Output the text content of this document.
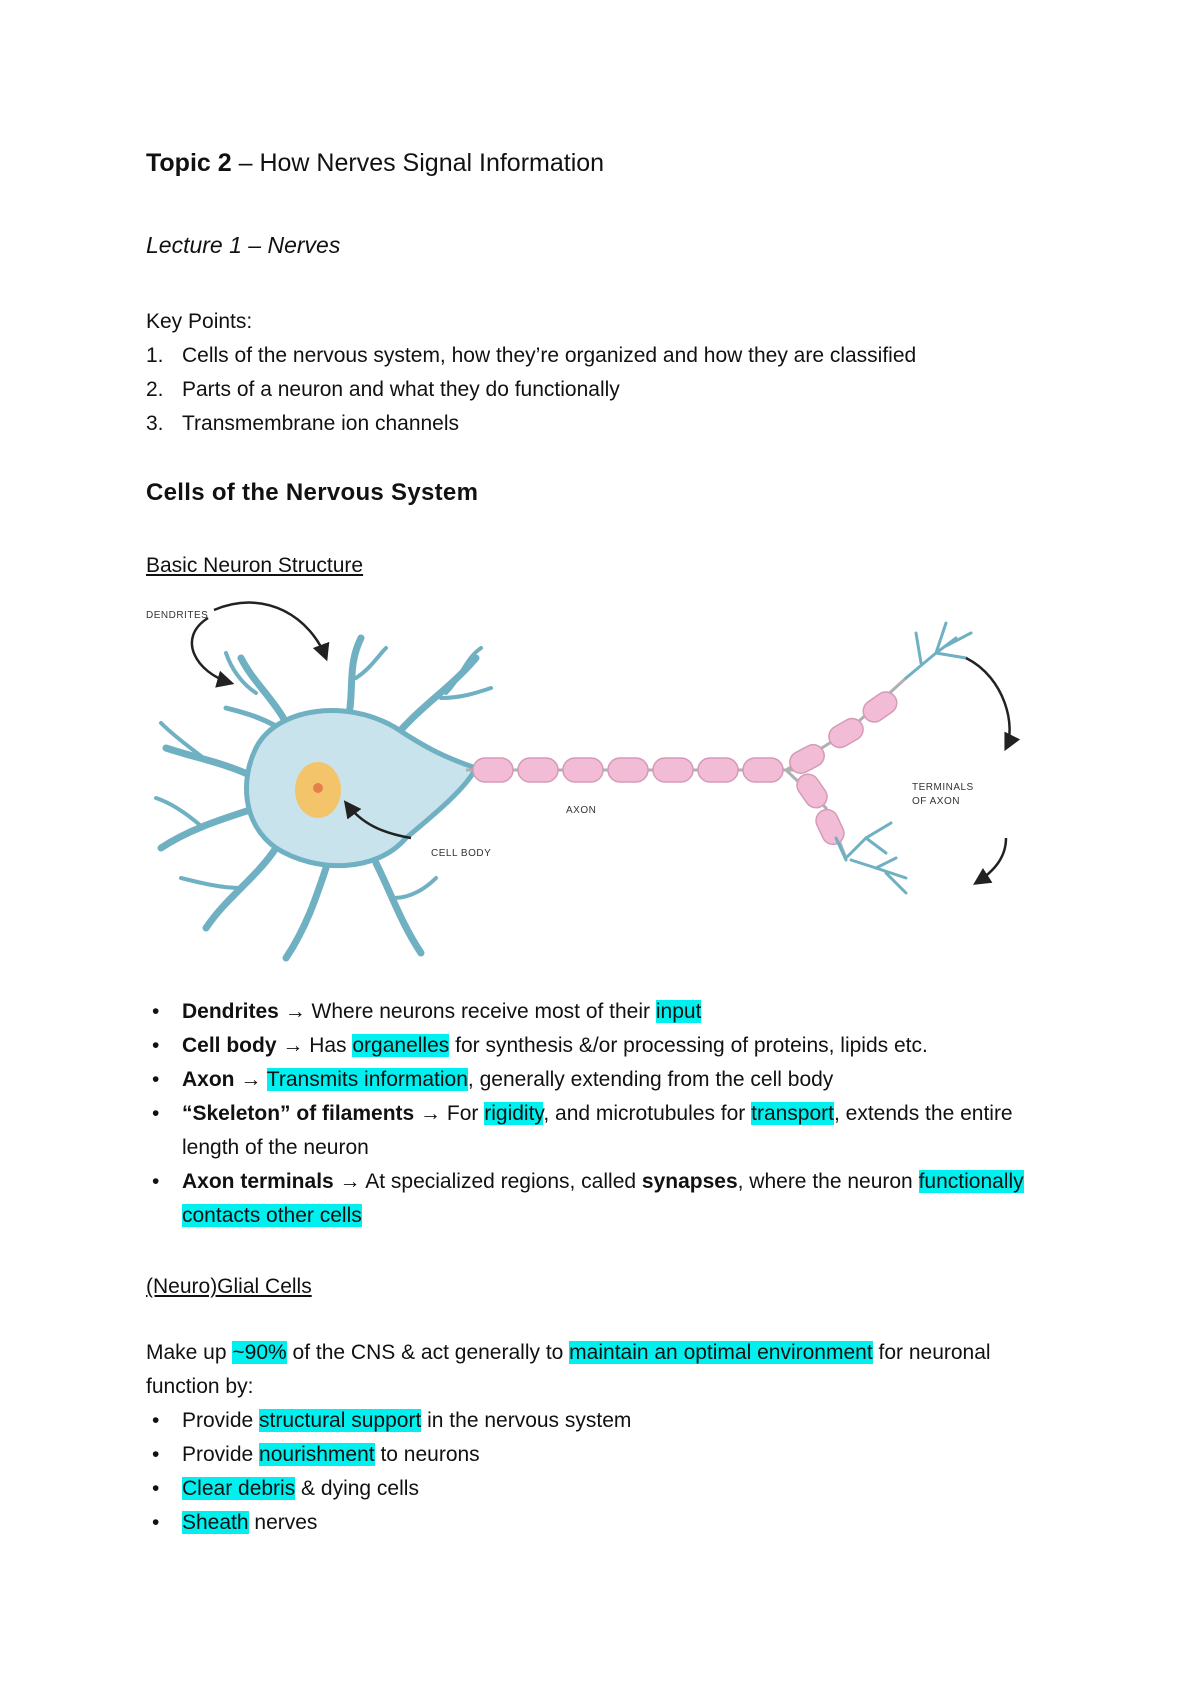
Topic 2 – How Nerves Signal Information
Lecture 1 – Nerves
Key Points:
1. Cells of the nervous system, how they’re organized and how they are classified
2. Parts of a neuron and what they do functionally
3. Transmembrane ion channels
Cells of the Nervous System
Basic Neuron Structure
DENDRITES
AXON
CELL BODY
TERMINALS
OF AXON
• Dendrites → Where neurons receive most of their input
• Cell body → Has organelles for synthesis &/or processing of proteins, lipids etc.
• Axon → Transmits information, generally extending from the cell body
• “Skeleton” of filaments → For rigidity, and microtubules for transport, extends the entire length of the neuron
• Axon terminals → At specialized regions, called synapses, where the neuron functionally contacts other cells
(Neuro)Glial Cells
Make up ~90% of the CNS & act generally to maintain an optimal environment for neuronal function by:
• Provide structural support in the nervous system
• Provide nourishment to neurons
• Clear debris & dying cells
• Sheath nerves
